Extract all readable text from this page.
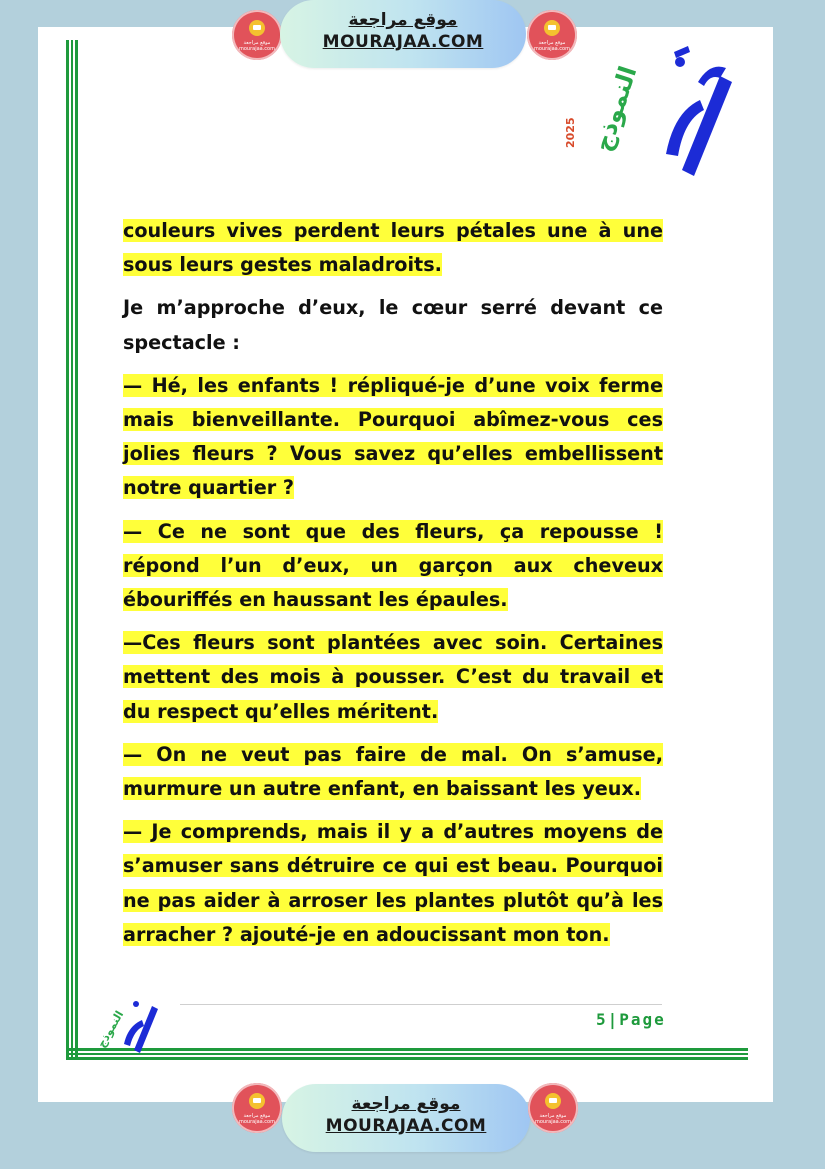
موقع مراجعة mourajaa.com
موقع مراجعة
MOURAJAA.COM	موقع مراجعة mourajaa.com
النموذج
2025

couleurs vives perdent leurs pétales une à une sous leurs gestes maladroits.

Je m’approche d’eux, le cœur serré devant ce spectacle :

— Hé, les enfants ! répliqué-je d’une voix ferme mais bienveillante. Pourquoi abîmez-vous ces jolies fleurs ? Vous savez qu’elles embellissent notre quartier ?

— Ce ne sont que des fleurs, ça repousse ! répond l’un d’eux, un garçon aux cheveux ébouriffés en haussant les épaules.

—Ces fleurs sont plantées avec soin. Certaines mettent des mois à pousser. C’est du travail et du respect qu’elles méritent.

— On ne veut pas faire de mal. On s’amuse, murmure un autre enfant, en baissant les yeux.

— Je comprends, mais il y a d’autres moyens de s’amuser sans détruire ce qui est beau. Pourquoi ne pas aider à arroser les plantes plutôt qu’à les arracher ? ajouté-je en adoucissant mon ton.

النموذج	5|Page
موقع مراجعة mourajaa.com
موقع مراجعة
MOURAJAA.COM	موقع مراجعة mourajaa.com
